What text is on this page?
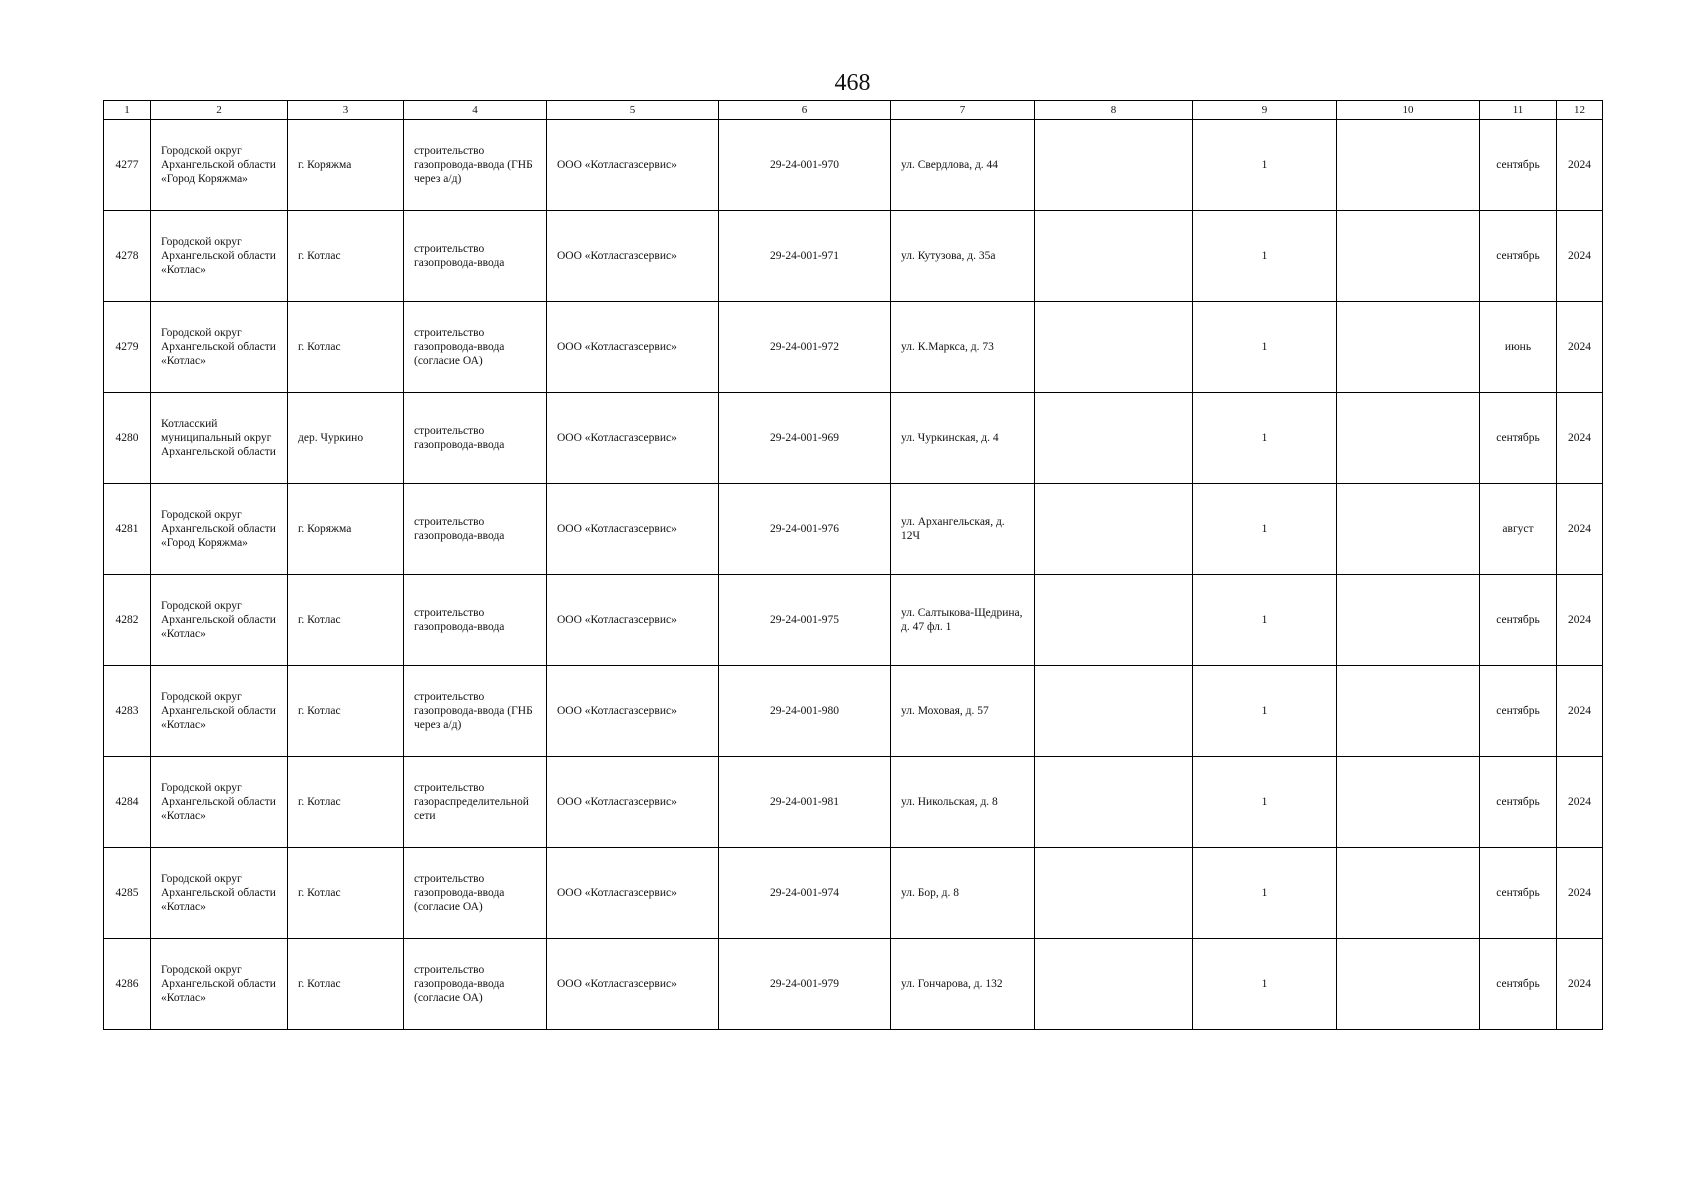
468
1	2	3	4	5	6	7	8	9	10	11	12
4277	Городской округ Архангельской области «Город Коряжма»	г. Коряжма	строительство газопровода-ввода (ГНБ через а/д)	ООО «Котласгазсервис»	29-24-001-970	ул. Свердлова, д. 44		1		сентябрь	2024
4278	Городской округ Архангельской области «Котлас»	г. Котлас	строительство газопровода-ввода	ООО «Котласгазсервис»	29-24-001-971	ул. Кутузова, д. 35а		1		сентябрь	2024
4279	Городской округ Архангельской области «Котлас»	г. Котлас	строительство газопровода-ввода (согласие ОА)	ООО «Котласгазсервис»	29-24-001-972	ул. К.Маркса, д. 73		1		июнь	2024
4280	Котласский муниципальный округ Архангельской области	дер. Чуркино	строительство газопровода-ввода	ООО «Котласгазсервис»	29-24-001-969	ул. Чуркинская, д. 4		1		сентябрь	2024
4281	Городской округ Архангельской области «Город Коряжма»	г. Коряжма	строительство газопровода-ввода	ООО «Котласгазсервис»	29-24-001-976	ул. Архангельская, д. 12Ч		1		август	2024
4282	Городской округ Архангельской области «Котлас»	г. Котлас	строительство газопровода-ввода	ООО «Котласгазсервис»	29-24-001-975	ул. Салтыкова-Щедрина, д. 47 фл. 1		1		сентябрь	2024
4283	Городской округ Архангельской области «Котлас»	г. Котлас	строительство газопровода-ввода (ГНБ через а/д)	ООО «Котласгазсервис»	29-24-001-980	ул. Моховая, д. 57		1		сентябрь	2024
4284	Городской округ Архангельской области «Котлас»	г. Котлас	строительство газораспределительной сети	ООО «Котласгазсервис»	29-24-001-981	ул. Никольская, д. 8		1		сентябрь	2024
4285	Городской округ Архангельской области «Котлас»	г. Котлас	строительство газопровода-ввода (согласие ОА)	ООО «Котласгазсервис»	29-24-001-974	ул. Бор, д. 8		1		сентябрь	2024
4286	Городской округ Архангельской области «Котлас»	г. Котлас	строительство газопровода-ввода (согласие ОА)	ООО «Котласгазсервис»	29-24-001-979	ул. Гончарова, д. 132		1		сентябрь	2024
